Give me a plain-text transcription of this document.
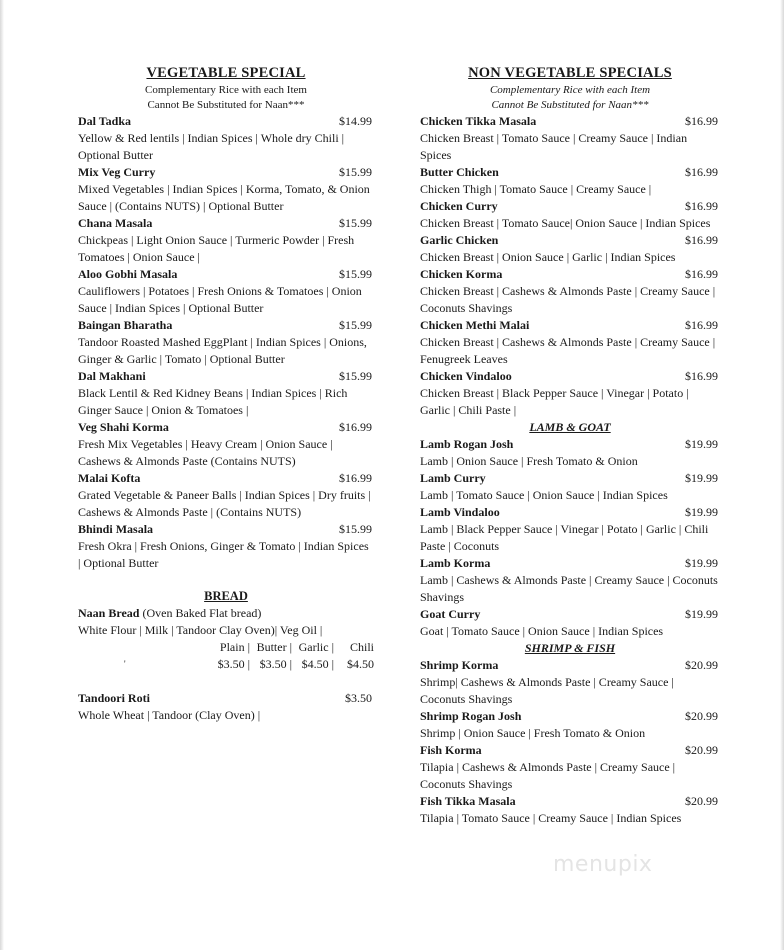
VEGETABLE SPECIAL
Complementary Rice with each Item
Cannot Be Substituted for Naan***
Dal Tadka	$14.99
Yellow & Red lentils | Indian Spices | Whole dry Chili | Optional Butter
Mix Veg Curry	$15.99
Mixed Vegetables | Indian Spices | Korma, Tomato, & Onion Sauce | (Contains NUTS) | Optional Butter
Chana Masala	$15.99
Chickpeas | Light Onion Sauce | Turmeric Powder | Fresh Tomatoes | Onion Sauce |
Aloo Gobhi Masala	$15.99
Cauliflowers | Potatoes | Fresh Onions & Tomatoes | Onion Sauce | Indian Spices | Optional Butter
Baingan Bharatha	$15.99
Tandoor Roasted Mashed EggPlant | Indian Spices | Onions, Ginger & Garlic | Tomato | Optional Butter
Dal Makhani	$15.99
Black Lentil & Red Kidney Beans | Indian Spices | Rich Ginger Sauce | Onion & Tomatoes |
Veg Shahi Korma	$16.99
Fresh Mix Vegetables | Heavy Cream | Onion Sauce | Cashews & Almonds Paste (Contains NUTS)
Malai Kofta	$16.99
Grated Vegetable & Paneer Balls | Indian Spices | Dry fruits | Cashews & Almonds Paste | (Contains NUTS)
Bhindi Masala	$15.99
Fresh Okra | Fresh Onions, Ginger & Tomato | Indian Spices | Optional Butter
BREAD
Naan Bread (Oven Baked Flat bread)
White Flour | Milk | Tandoor Clay Oven)| Veg Oil |
Plain | Butter | Garlic |	Chili
'	$3.50 | $3.50 | $4.50 |	$4.50
Tandoori Roti	$3.50
Whole Wheat | Tandoor (Clay Oven) |
NON VEGETABLE SPECIALS
Complementary Rice with each Item
Cannot Be Substituted for Naan***
Chicken Tikka Masala	$16.99
Chicken Breast | Tomato Sauce | Creamy Sauce | Indian Spices
Butter Chicken	$16.99
Chicken Thigh | Tomato Sauce | Creamy Sauce |
Chicken Curry	$16.99
Chicken Breast | Tomato Sauce| Onion Sauce | Indian Spices
Garlic Chicken	$16.99
Chicken Breast | Onion Sauce | Garlic | Indian Spices
Chicken Korma	$16.99
Chicken Breast | Cashews & Almonds Paste | Creamy Sauce | Coconuts Shavings
Chicken Methi Malai	$16.99
Chicken Breast | Cashews & Almonds Paste | Creamy Sauce | Fenugreek Leaves
Chicken Vindaloo	$16.99
Chicken Breast | Black Pepper Sauce | Vinegar | Potato | Garlic | Chili Paste |
LAMB & GOAT
Lamb Rogan Josh	$19.99
Lamb | Onion Sauce | Fresh Tomato & Onion
Lamb Curry	$19.99
Lamb | Tomato Sauce | Onion Sauce | Indian Spices
Lamb Vindaloo	$19.99
Lamb | Black Pepper Sauce | Vinegar | Potato | Garlic | Chili Paste | Coconuts
Lamb Korma	$19.99
Lamb | Cashews & Almonds Paste | Creamy Sauce | Coconuts Shavings
Goat Curry	$19.99
Goat | Tomato Sauce | Onion Sauce | Indian Spices
SHRIMP & FISH
Shrimp Korma	$20.99
Shrimp| Cashews & Almonds Paste | Creamy Sauce | Coconuts Shavings
Shrimp Rogan Josh	$20.99
Shrimp | Onion Sauce | Fresh Tomato & Onion
Fish Korma	$20.99
Tilapia | Cashews & Almonds Paste | Creamy Sauce | Coconuts Shavings
Fish Tikka Masala	$20.99
Tilapia | Tomato Sauce | Creamy Sauce | Indian Spices
menupix
